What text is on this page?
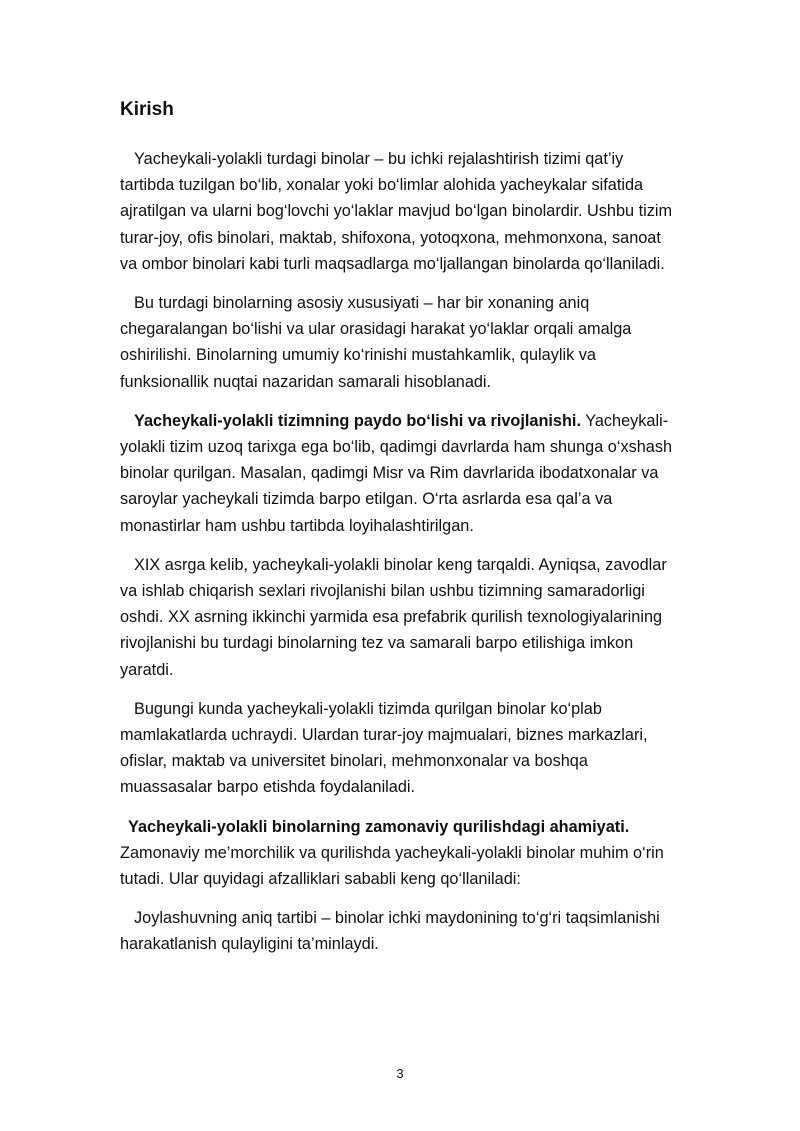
Kirish

Yacheykali-yolakli turdagi binolar – bu ichki rejalashtirish tizimi qat’iy tartibda tuzilgan bo‘lib, xonalar yoki bo‘limlar alohida yacheykalar sifatida ajratilgan va ularni bog‘lovchi yo‘laklar mavjud bo‘lgan binolardir. Ushbu tizim turar-joy, ofis binolari, maktab, shifoxona, yotoqxona, mehmonxona, sanoat va ombor binolari kabi turli maqsadlarga mo‘ljallangan binolarda qo‘llaniladi.

Bu turdagi binolarning asosiy xususiyati – har bir xonaning aniq chegaralangan bo‘lishi va ular orasidagi harakat yo‘laklar orqali amalga oshirilishi. Binolarning umumiy ko‘rinishi mustahkamlik, qulaylik va funksionallik nuqtai nazaridan samarali hisoblanadi.

Yacheykali-yolakli tizimning paydo bo‘lishi va rivojlanishi. Yacheykali-yolakli tizim uzoq tarixga ega bo‘lib, qadimgi davrlarda ham shunga o‘xshash binolar qurilgan. Masalan, qadimgi Misr va Rim davrlarida ibodatxonalar va saroylar yacheykali tizimda barpo etilgan. O‘rta asrlarda esa qal’a va monastirlar ham ushbu tartibda loyihalashtirilgan.

XIX asrga kelib, yacheykali-yolakli binolar keng tarqaldi. Ayniqsa, zavodlar va ishlab chiqarish sexlari rivojlanishi bilan ushbu tizimning samaradorligi oshdi. XX asrning ikkinchi yarmida esa prefabrik qurilish texnologiyalarining rivojlanishi bu turdagi binolarning tez va samarali barpo etilishiga imkon yaratdi.

Bugungi kunda yacheykali-yolakli tizimda qurilgan binolar ko‘plab mamlakatlarda uchraydi. Ulardan turar-joy majmualari, biznes markazlari, ofislar, maktab va universitet binolari, mehmonxonalar va boshqa muassasalar barpo etishda foydalaniladi.

Yacheykali-yolakli binolarning zamonaviy qurilishdagi ahamiyati. Zamonaviy me’morchilik va qurilishda yacheykali-yolakli binolar muhim o‘rin tutadi. Ular quyidagi afzalliklari sababli keng qo‘llaniladi:

Joylashuvning aniq tartibi – binolar ichki maydonining to‘g‘ri taqsimlanishi harakatlanish qulayligini ta’minlaydi.

3
